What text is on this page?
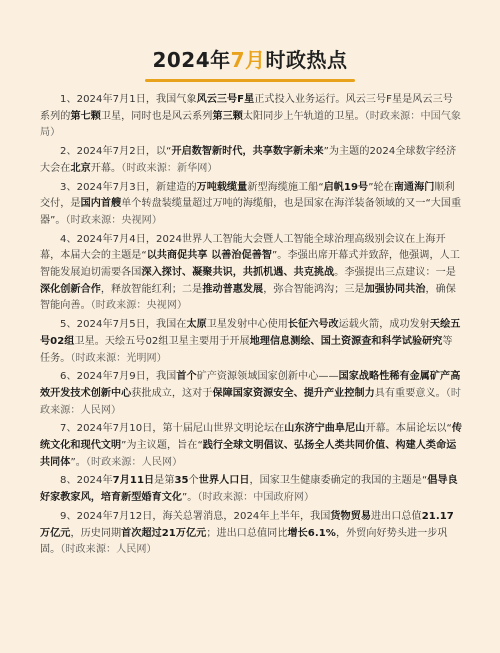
2024年7月时政热点

1、2024年7月1日，我国气象风云三号F星正式投入业务运行。风云三号F星是风云三号系列的第七颗卫星，同时也是风云系列第三颗太阳同步上午轨道的卫星。（时政来源：中国气象局）

2、2024年7月2日，以“开启数智新时代，共享数字新未来”为主题的2024全球数字经济大会在北京开幕。（时政来源：新华网）

3、2024年7月3日，新建造的万吨载缆量新型海缆施工船“启帆19号”轮在南通海门顺利交付，是国内首艘单个转盘装缆量超过万吨的海缆船，也是国家在海洋装备领域的又一“大国重器”。（时政来源：央视网）

4、2024年7月4日，2024世界人工智能大会暨人工智能全球治理高级别会议在上海开幕，本届大会的主题是“以共商促共享 以善治促善智”。李强出席开幕式并致辞，他强调，人工智能发展迫切需要各国深入探讨、凝聚共识，共抓机遇、共克挑战。李强提出三点建议：一是深化创新合作，释放智能红利；二是推动普惠发展，弥合智能鸿沟；三是加强协同共治，确保智能向善。（时政来源：央视网）

5、2024年7月5日，我国在太原卫星发射中心使用长征六号改运载火箭，成功发射天绘五号02组卫星。天绘五号02组卫星主要用于开展地理信息测绘、国土资源查和科学试验研究等任务。（时政来源：光明网）

6、2024年7月9日，我国首个矿产资源领域国家创新中心——国家战略性稀有金属矿产高效开发技术创新中心获批成立，这对于保障国家资源安全、提升产业控制力具有重要意义。（时政来源：人民网）

7、2024年7月10日，第十届尼山世界文明论坛在山东济宁曲阜尼山开幕。本届论坛以“传统文化和现代文明”为主议题，旨在“践行全球文明倡议、弘扬全人类共同价值、构建人类命运共同体”。（时政来源：人民网）

8、2024年7月11日是第35个世界人口日，国家卫生健康委确定的我国的主题是“倡导良好家教家风，培育新型婚育文化”。（时政来源：中国政府网）

9、2024年7月12日，海关总署消息，2024年上半年，我国货物贸易进出口总值21.17万亿元，历史同期首次超过21万亿元；进出口总值同比增长6.1%，外贸向好势头进一步巩固。（时政来源：人民网）
